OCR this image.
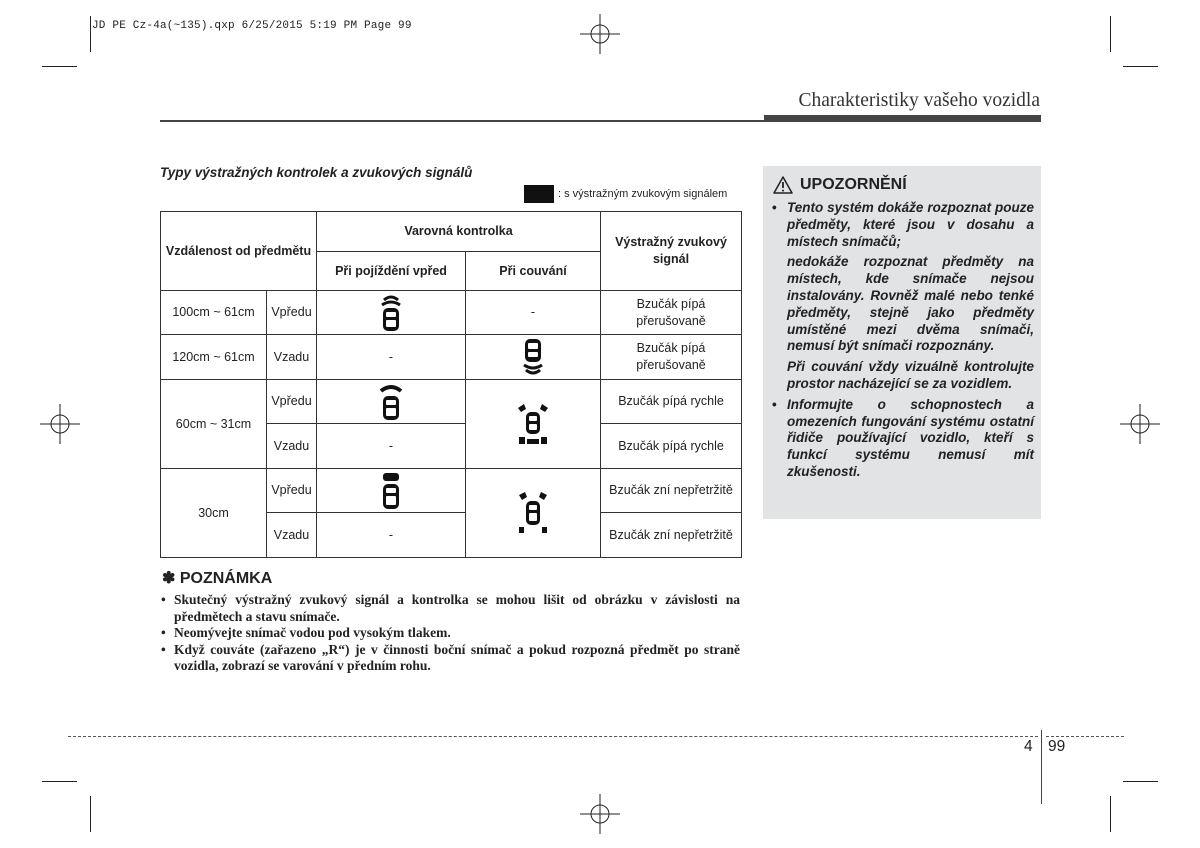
JD PE Cz-4a(~135).qxp 6/25/2015 5:19 PM Page 99
Charakteristiky vašeho vozidla
Typy výstražných kontrolek a zvukových signálů
: s výstražným zvukovým signálem
Vzdálenost od předmětu		Varovná kontrolka		Výstražný zvukový signál
		Při pojíždění vpřed	Při couvání	
100cm ~ 61cm	Vpředu		-	Bzučák pípá přerušovaně
120cm ~ 61cm	Vzadu	-		Bzučák pípá přerušovaně
60cm ~ 31cm	Vpředu			Bzučák pípá rychle
	Vzadu	-		Bzučák pípá rychle
30cm	Vpředu			Bzučák zní nepřetržitě
	Vzadu	-		Bzučák zní nepřetržitě
✽ POZNÁMKA
• Skutečný výstražný zvukový signál a kontrolka se mohou lišit od obrázku v závislosti na předmětech a stavu snímače.
• Neomývejte snímač vodou pod vysokým tlakem.
• Když couváte (zařazeno „R“) je v činnosti boční snímač a pokud rozpozná předmět po straně vozidla, zobrazí se varování v předním rohu.
UPOZORNĚNÍ

• Tento systém dokáže rozpoznat pouze předměty, které jsou v dosahu a místech snímačů;

nedokáže rozpoznat předměty na místech, kde snímače nejsou instalovány. Rovněž malé nebo tenké předměty, stejně jako předměty umístěné mezi dvěma snímači, nemusí být snímači rozpoznány.

Při couvání vždy vizuálně kontrolujte prostor nacházející se za vozidlem.

• Informujte o schopnostech a omezeních fungování systému ostatní řidiče používající vozidlo, kteří s funkcí systému nemusí mít zkušenosti.

4 99
